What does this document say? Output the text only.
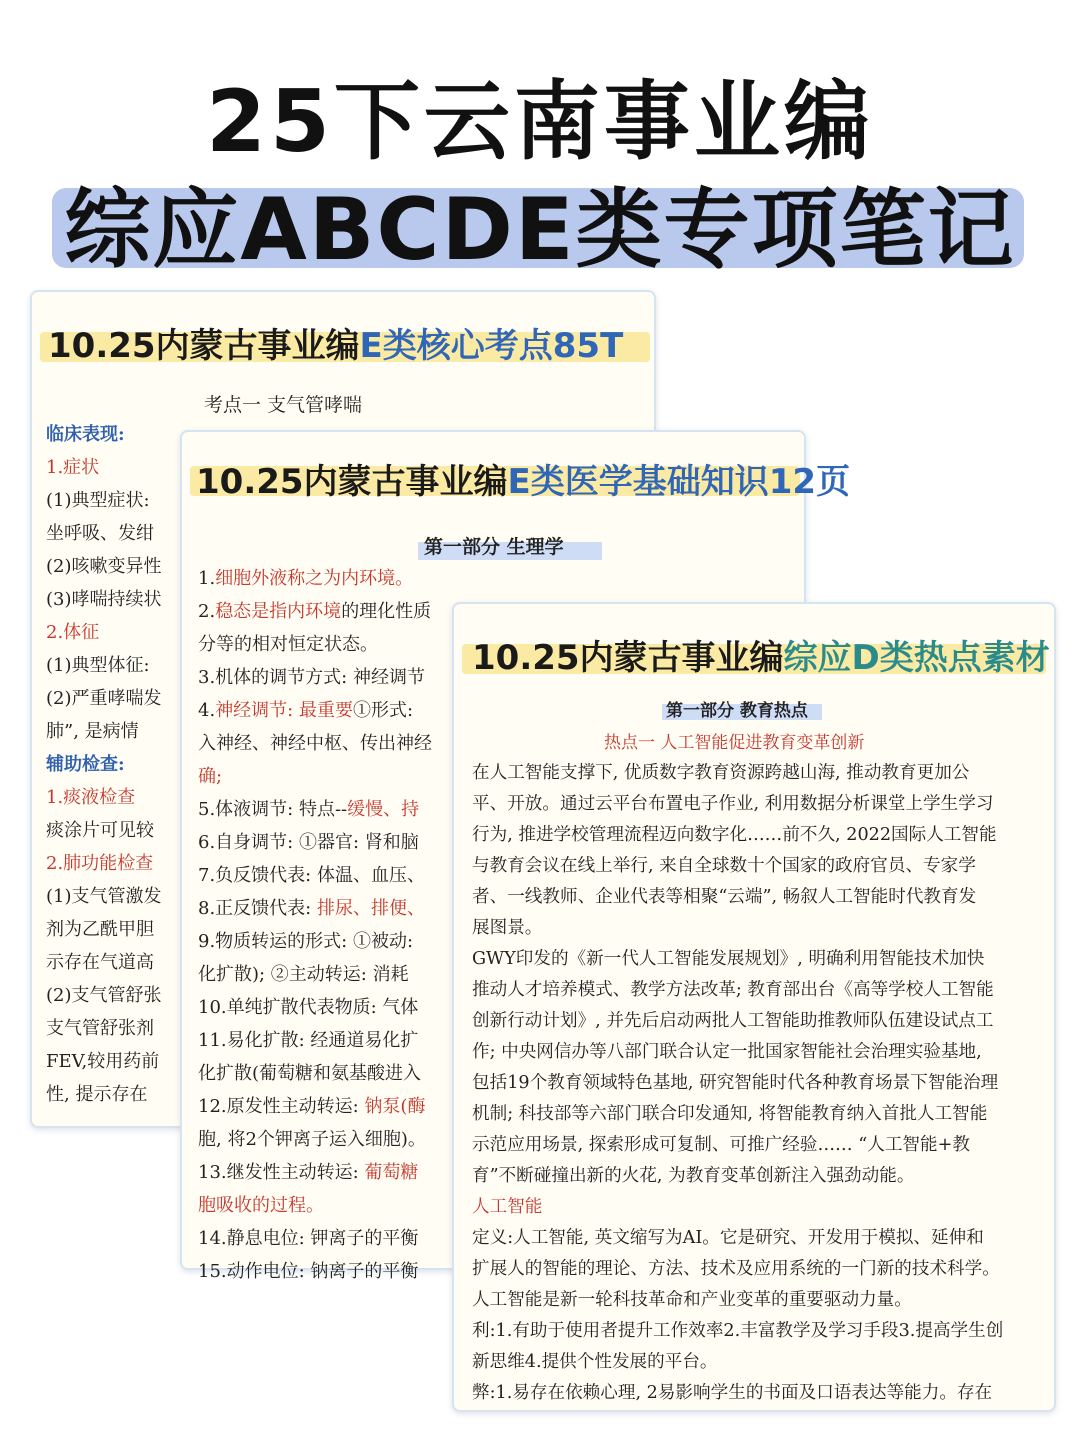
25下云南事业编
综应ABCDE类专项笔记
10.25内蒙古事业编E类核心考点85T
考点一 支气管哮喘
临床表现:
1.症状
(1)典型症状:
坐呼吸、发绀
(2)咳嗽变异性
(3)哮喘持续状
2.体征
(1)典型体征:
(2)严重哮喘发
肺”, 是病情
辅助检查:
1.痰液检查
痰涂片可见较
2.肺功能检查
(1)支气管激发
剂为乙酰甲胆
示存在气道高
(2)支气管舒张
支气管舒张剂
FEV,较用药前
性, 提示存在
10.25内蒙古事业编E类医学基础知识12页
第一部分 生理学
1.细胞外液称之为内环境。
2.稳态是指内环境的理化性质
分等的相对恒定状态。
3.机体的调节方式: 神经调节
4.神经调节: 最重要①形式:
入神经、神经中枢、传出神经
确;
5.体液调节: 特点--缓慢、持
6.自身调节: ①器官: 肾和脑
7.负反馈代表: 体温、血压、
8.正反馈代表: 排尿、排便、
9.物质转运的形式: ①被动:
化扩散); ②主动转运: 消耗
10.单纯扩散代表物质: 气体
11.易化扩散: 经通道易化扩
化扩散(葡萄糖和氨基酸进入
12.原发性主动转运: 钠泵(酶
胞, 将2个钾离子运入细胞)。
13.继发性主动转运: 葡萄糖
胞吸收的过程。
14.静息电位: 钾离子的平衡
15.动作电位: 钠离子的平衡
10.25内蒙古事业编综应D类热点素材
第一部分 教育热点
热点一 人工智能促进教育变革创新
在人工智能支撑下, 优质数字教育资源跨越山海, 推动教育更加公
平、开放。通过云平台布置电子作业, 利用数据分析课堂上学生学习
行为, 推进学校管理流程迈向数字化……前不久, 2022国际人工智能
与教育会议在线上举行, 来自全球数十个国家的政府官员、专家学
者、一线教师、企业代表等相聚“云端”, 畅叙人工智能时代教育发
展图景。
GWY印发的《新一代人工智能发展规划》, 明确利用智能技术加快
推动人才培养模式、教学方法改革; 教育部出台《高等学校人工智能
创新行动计划》, 并先后启动两批人工智能助推教师队伍建设试点工
作; 中央网信办等八部门联合认定一批国家智能社会治理实验基地,
包括19个教育领域特色基地, 研究智能时代各种教育场景下智能治理
机制; 科技部等六部门联合印发通知, 将智能教育纳入首批人工智能
示范应用场景, 探索形成可复制、可推广经验…… “人工智能+教
育”不断碰撞出新的火花, 为教育变革创新注入强劲动能。
人工智能
定义:人工智能, 英文缩写为AI。它是研究、开发用于模拟、延伸和
扩展人的智能的理论、方法、技术及应用系统的一门新的技术科学。
人工智能是新一轮科技革命和产业变革的重要驱动力量。
利:1.有助于使用者提升工作效率2.丰富教学及学习手段3.提高学生创
新思维4.提供个性发展的平台。
弊:1.易存在依赖心理, 2易影响学生的书面及口语表达等能力。存在
